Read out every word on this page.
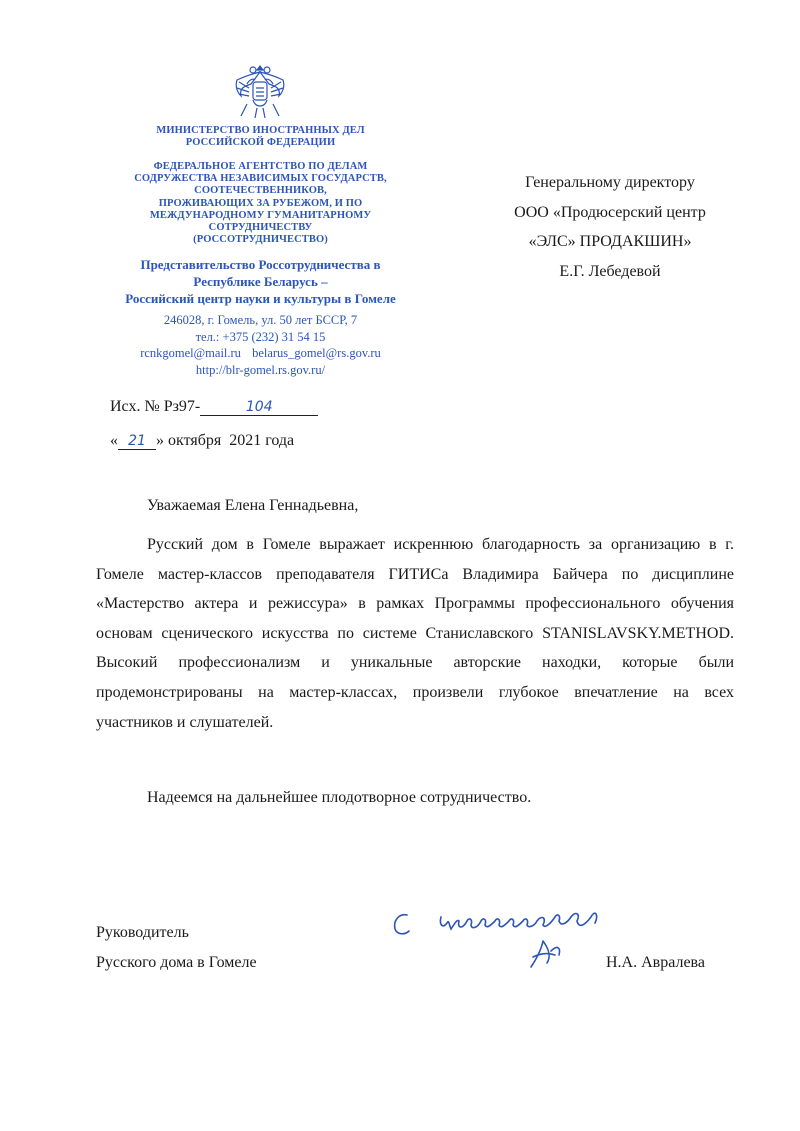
МИНИСТЕРСТВО ИНОСТРАННЫХ ДЕЛ
РОССИЙСКОЙ ФЕДЕРАЦИИ
ФЕДЕРАЛЬНОЕ АГЕНТСТВО ПО ДЕЛАМ
СОДРУЖЕСТВА НЕЗАВИСИМЫХ ГОСУДАРСТВ,
СООТЕЧЕСТВЕННИКОВ,
ПРОЖИВАЮЩИХ ЗА РУБЕЖОМ, И ПО
МЕЖДУНАРОДНОМУ ГУМАНИТАРНОМУ
СОТРУДНИЧЕСТВУ
(РОССОТРУДНИЧЕСТВО)
Представительство Россотрудничества в
Республике Беларусь –
Российский центр науки и культуры в Гомеле
246028, г. Гомель, ул. 50 лет БССР, 7
тел.: +375 (232) 31 54 15
rcnkgomel@mail.ru belarus_gomel@rs.gov.ru
http://blr-gomel.rs.gov.ru/
Генеральному директору
ООО «Продюсерский центр
«ЭЛС» ПРОДАКШИН»
Е.Г. Лебедевой
Исх. № Рз97-	104
« 21 » октября  2021 года
Уважаемая Елена Геннадьевна,

Русский дом в Гомеле выражает искреннюю благодарность за организацию в г. Гомеле мастер-классов преподавателя ГИТИСа Владимира Байчера по дисциплине «Мастерство актера и режиссура» в рамках Программы профессионального обучения основам сценического искусства по системе Станиславского STANISLAVSKY.METHOD. Высокий профессионализм и уникальные авторские находки, которые были продемонстрированы на мастер-классах, произвели глубокое впечатление на всех участников и слушателей.

Надеемся на дальнейшее плодотворное сотрудничество.
Руководитель
Русского дома в Гомеле	Н.А. Авралева
